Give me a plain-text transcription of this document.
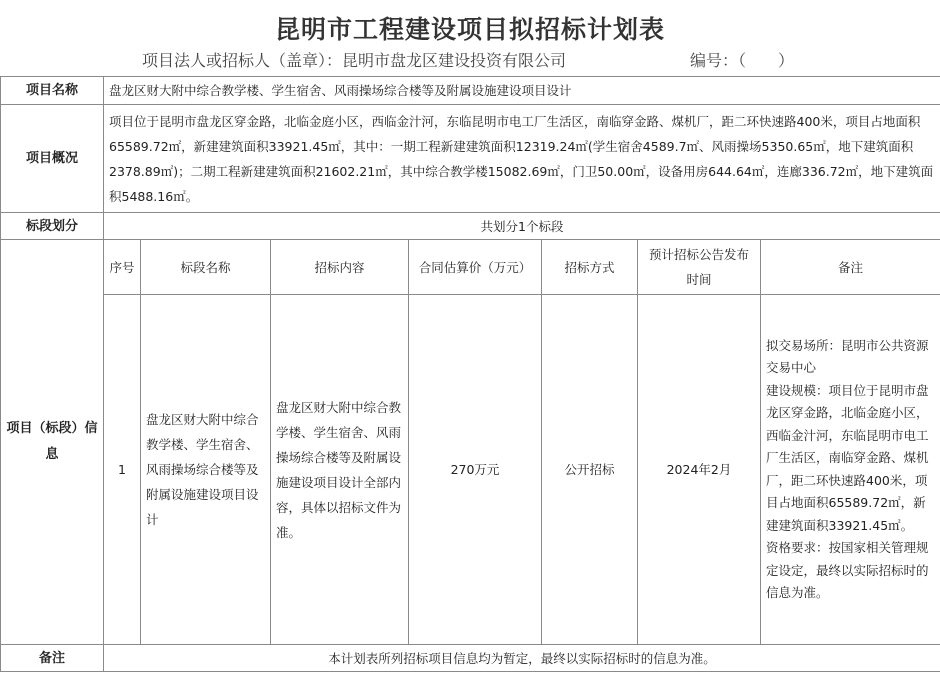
昆明市工程建设项目拟招标计划表
项目法人或招标人（盖章）：昆明市盘龙区建设投资有限公司	编号：（　　）
项目名称	盘龙区财大附中综合教学楼、学生宿舍、风雨操场综合楼等及附属设施建设项目设计						
项目概况	项目位于昆明市盘龙区穿金路，北临金庭小区，西临金汁河，东临昆明市电工厂生活区，南临穿金路、煤机厂，距二环快速路400米，项目占地面积65589.72㎡，新建建筑面积33921.45㎡，其中：一期工程新建建筑面积12319.24㎡(学生宿舍4589.7㎡、风雨操场5350.65㎡，地下建筑面积2378.89㎡)；二期工程新建建筑面积21602.21㎡，其中综合教学楼15082.69㎡，门卫50.00㎡，设备用房644.64㎡，连廊336.72㎡，地下建筑面积5488.16㎡。						
标段划分	共划分1个标段						
项目（标段）信息	序号	标段名称	招标内容	合同估算价（万元）	招标方式	预计招标公告发布时间	备注
	1	盘龙区财大附中综合教学楼、学生宿舍、风雨操场综合楼等及附属设施建设项目设计	盘龙区财大附中综合教学楼、学生宿舍、风雨操场综合楼等及附属设施建设项目设计全部内容，具体以招标文件为准。	270万元	公开招标	2024年2月	拟交易场所：昆明市公共资源交易中心
建设规模：项目位于昆明市盘龙区穿金路，北临金庭小区，西临金汁河，东临昆明市电工厂生活区，南临穿金路、煤机厂，距二环快速路400米，项目占地面积65589.72㎡，新建建筑面积33921.45㎡。
资格要求：按国家相关管理规定设定，最终以实际招标时的信息为准。

备注	本计划表所列招标项目信息均为暂定，最终以实际招标时的信息为准。						
